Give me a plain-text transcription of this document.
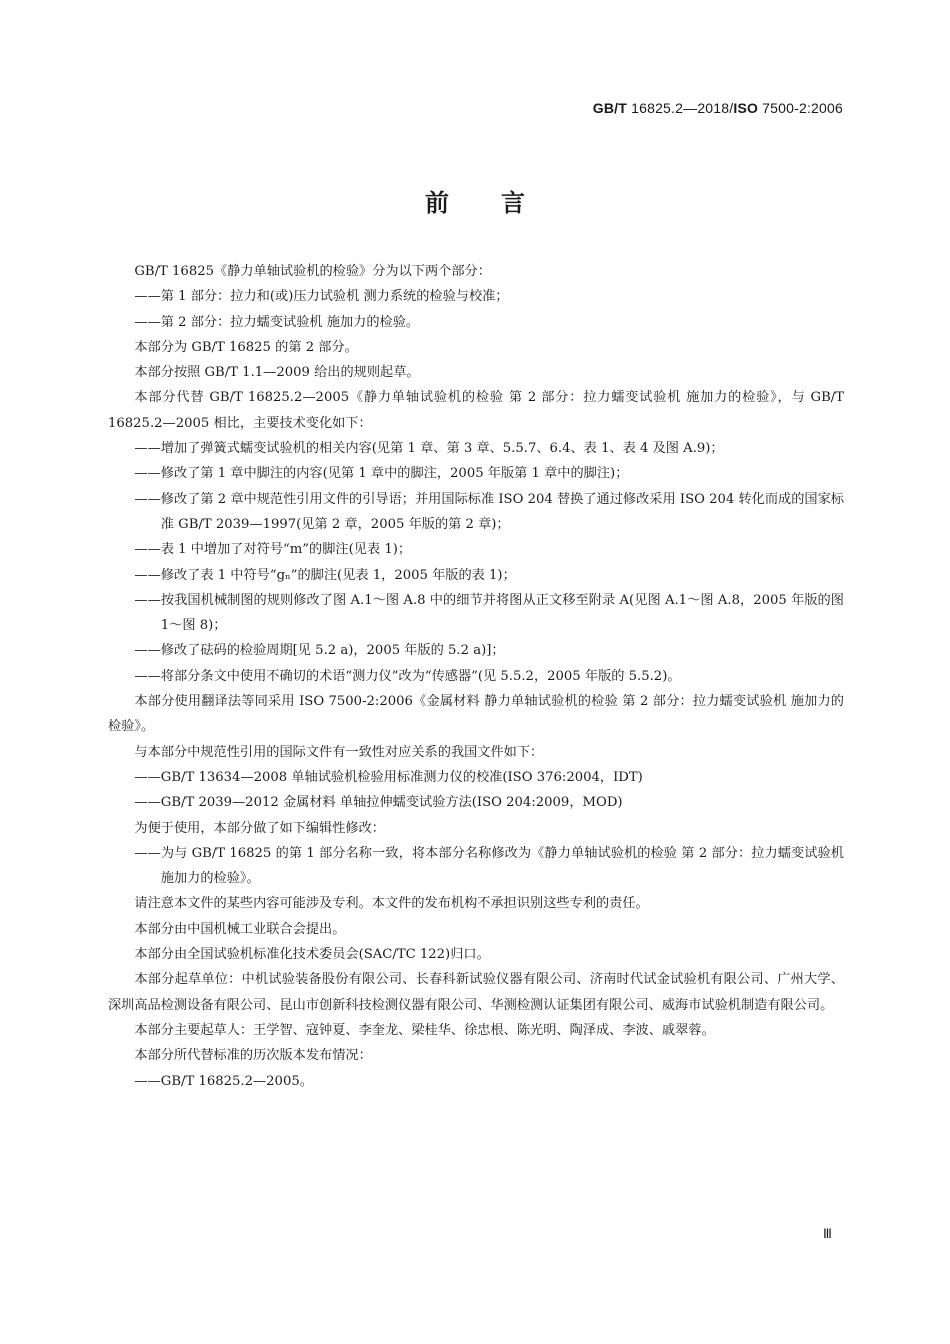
GB/T 16825.2—2018/ISO 7500-2:2006
前言

GB/T 16825《静力单轴试验机的检验》分为以下两个部分：

——第 1 部分：拉力和(或)压力试验机 测力系统的检验与校准；

——第 2 部分：拉力蠕变试验机 施加力的检验。

本部分为 GB/T 16825 的第 2 部分。

本部分按照 GB/T 1.1—2009 给出的规则起草。

本部分代替 GB/T 16825.2—2005《静力单轴试验机的检验 第 2 部分：拉力蠕变试验机 施加力的检验》，与 GB/T 16825.2—2005 相比，主要技术变化如下：

——增加了弹簧式蠕变试验机的相关内容(见第 1 章、第 3 章、5.5.7、6.4、表 1、表 4 及图 A.9)；

——修改了第 1 章中脚注的内容(见第 1 章中的脚注，2005 年版第 1 章中的脚注)；

——修改了第 2 章中规范性引用文件的引导语；并用国际标准 ISO 204 替换了通过修改采用 ISO 204 转化而成的国家标准 GB/T 2039—1997(见第 2 章，2005 年版的第 2 章)；

——表 1 中增加了对符号“m”的脚注(见表 1)；

——修改了表 1 中符号“gₙ”的脚注(见表 1，2005 年版的表 1)；

——按我国机械制图的规则修改了图 A.1～图 A.8 中的细节并将图从正文移至附录 A(见图 A.1～图 A.8，2005 年版的图 1～图 8)；

——修改了砝码的检验周期[见 5.2 a)，2005 年版的 5.2 a)]；

——将部分条文中使用不确切的术语“测力仪”改为“传感器”(见 5.5.2，2005 年版的 5.5.2)。

本部分使用翻译法等同采用 ISO 7500-2:2006《金属材料 静力单轴试验机的检验 第 2 部分：拉力蠕变试验机 施加力的检验》。

与本部分中规范性引用的国际文件有一致性对应关系的我国文件如下：

——GB/T 13634—2008 单轴试验机检验用标准测力仪的校准(ISO 376:2004，IDT)

——GB/T 2039—2012 金属材料 单轴拉伸蠕变试验方法(ISO 204:2009，MOD)

为便于使用，本部分做了如下编辑性修改：

——为与 GB/T 16825 的第 1 部分名称一致，将本部分名称修改为《静力单轴试验机的检验 第 2 部分：拉力蠕变试验机 施加力的检验》。

请注意本文件的某些内容可能涉及专利。本文件的发布机构不承担识别这些专利的责任。

本部分由中国机械工业联合会提出。

本部分由全国试验机标准化技术委员会(SAC/TC 122)归口。

本部分起草单位：中机试验装备股份有限公司、长春科新试验仪器有限公司、济南时代试金试验机有限公司、广州大学、深圳高品检测设备有限公司、昆山市创新科技检测仪器有限公司、华测检测认证集团有限公司、威海市试验机制造有限公司。

本部分主要起草人：王学智、寇钟夏、李奎龙、梁桂华、徐忠根、陈光明、陶泽成、李波、戚翠蓉。

本部分所代替标准的历次版本发布情况：

——GB/T 16825.2—2005。

Ⅲ
